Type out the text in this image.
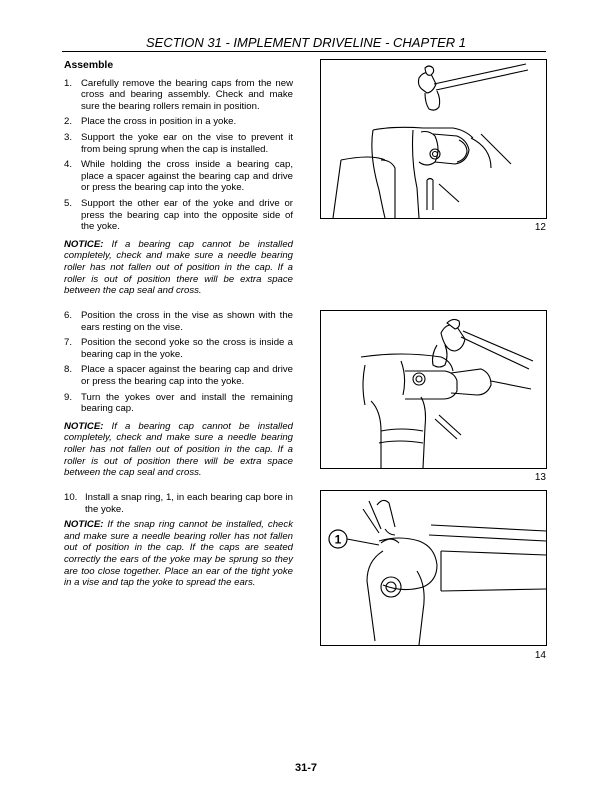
SECTION 31 - IMPLEMENT DRIVELINE - CHAPTER 1
Assemble
1. Carefully remove the bearing caps from the new cross and bearing assembly. Check and make sure the bearing rollers remain in position.
2. Place the cross in position in a yoke.
3. Support the yoke ear on the vise to prevent it from being sprung when the cap is installed.
4. While holding the cross inside a bearing cap, place a spacer against the bearing cap and drive or press the bearing cap into the yoke.
5. Support the other ear of the yoke and drive or press the bearing cap into the opposite side of the yoke.
NOTICE: If a bearing cap cannot be installed completely, check and make sure a needle bearing roller has not fallen out of position in the cap. If a roller is out of position there will be extra space between the cap seal and cross.
6. Position the cross in the vise as shown with the ears resting on the vise.
7. Position the second yoke so the cross is inside a bearing cap in the yoke.
8. Place a spacer against the bearing cap and drive or press the bearing cap into the yoke.
9. Turn the yokes over and install the remaining bearing cap.
NOTICE: If a bearing cap cannot be installed completely, check and make sure a needle bearing roller has not fallen out of position in the cap. If a roller is out of position there will be extra space between the cap seal and cross.
10. Install a snap ring, 1, in each bearing cap bore in the yoke.
NOTICE: If the snap ring cannot be installed, check and make sure a needle bearing roller has not fallen out of position in the cap. If the caps are seated correctly the ears of the yoke may be sprung so they are too close together. Place an ear of the tight yoke in a vise and tap the yoke to spread the ears.
12
13
1
14
31-7
